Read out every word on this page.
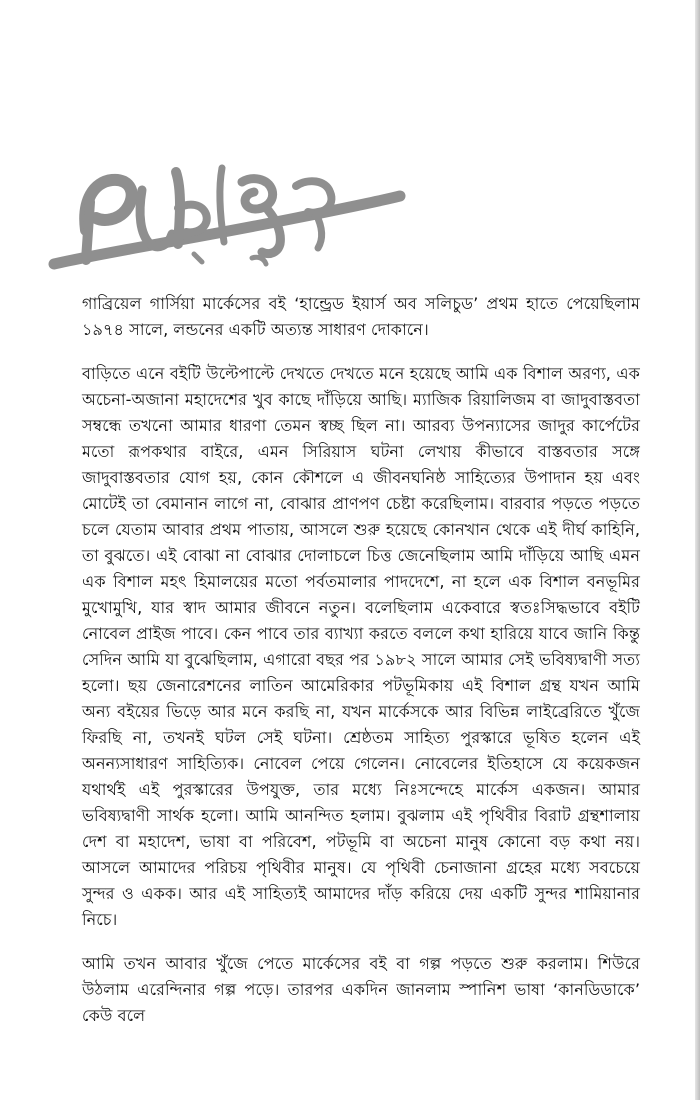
গাব্রিয়েল গার্সিয়া মার্কেসের বই ‘হান্ড্রেড ইয়ার্স অব সলিচুড’ প্রথম হাতে পেয়েছিলাম ১৯৭৪ সালে, লন্ডনের একটি অত্যন্ত সাধারণ দোকানে।

বাড়িতে এনে বইটি উল্টেপাল্টে দেখতে দেখতে মনে হয়েছে আমি এক বিশাল অরণ্য, এক অচেনা-অজানা মহাদেশের খুব কাছে দাঁড়িয়ে আছি। ম্যাজিক রিয়ালিজম বা জাদুবাস্তবতা সম্বন্ধে তখনো আমার ধারণা তেমন স্বচ্ছ ছিল না। আরব্য উপন্যাসের জাদুর কার্পেটের মতো রূপকথার বাইরে, এমন সিরিয়াস ঘটনা লেখায় কীভাবে বাস্তবতার সঙ্গে জাদুবাস্তবতার যোগ হয়, কোন কৌশলে এ জীবনঘনিষ্ঠ সাহিত্যের উপাদান হয় এবং মোটেই তা বেমানান লাগে না, বোঝার প্রাণপণ চেষ্টা করেছিলাম। বারবার পড়তে পড়তে চলে যেতাম আবার প্রথম পাতায়, আসলে শুরু হয়েছে কোনখান থেকে এই দীর্ঘ কাহিনি, তা বুঝতে। এই বোঝা না বোঝার দোলাচলে চিত্ত জেনেছিলাম আমি দাঁড়িয়ে আছি এমন এক বিশাল মহৎ হিমালয়ের মতো পর্বতমালার পাদদেশে, না হলে এক বিশাল বনভূমির মুখোমুখি, যার স্বাদ আমার জীবনে নতুন। বলেছিলাম একেবারে স্বতঃসিদ্ধভাবে বইটি নোবেল প্রাইজ পাবে। কেন পাবে তার ব্যাখ্যা করতে বললে কথা হারিয়ে যাবে জানি কিন্তু সেদিন আমি যা বুঝেছিলাম, এগারো বছর পর ১৯৮২ সালে আমার সেই ভবিষ্যদ্বাণী সত্য হলো। ছয় জেনারেশনের লাতিন আমেরিকার পটভূমিকায় এই বিশাল গ্রন্থ যখন আমি অন্য বইয়ের ভিড়ে আর মনে করছি না, যখন মার্কেসকে আর বিভিন্ন লাইব্রেরিতে খুঁজে ফিরছি না, তখনই ঘটল সেই ঘটনা। শ্রেষ্ঠতম সাহিত্য পুরস্কারে ভূষিত হলেন এই অনন্যসাধারণ সাহিত্যিক। নোবেল পেয়ে গেলেন। নোবেলের ইতিহাসে যে কয়েকজন যথার্থই এই পুরস্কারের উপযুক্ত, তার মধ্যে নিঃসন্দেহে মার্কেস একজন। আমার ভবিষ্যদ্বাণী সার্থক হলো। আমি আনন্দিত হলাম। বুঝলাম এই পৃথিবীর বিরাট গ্রন্থশালায় দেশ বা মহাদেশ, ভাষা বা পরিবেশ, পটভূমি বা অচেনা মানুষ কোনো বড় কথা নয়। আসলে আমাদের পরিচয় পৃথিবীর মানুষ। যে পৃথিবী চেনাজানা গ্রহের মধ্যে সবচেয়ে সুন্দর ও একক। আর এই সাহিত্যই আমাদের দাঁড় করিয়ে দেয় একটি সুন্দর শামিয়ানার নিচে।

আমি তখন আবার খুঁজে পেতে মার্কেসের বই বা গল্প পড়তে শুরু করলাম। শিউরে উঠলাম এরেন্দিনার গল্প পড়ে। তারপর একদিন জানলাম স্পানিশ ভাষা ‘কানডিডাকে’ কেউ বলে
